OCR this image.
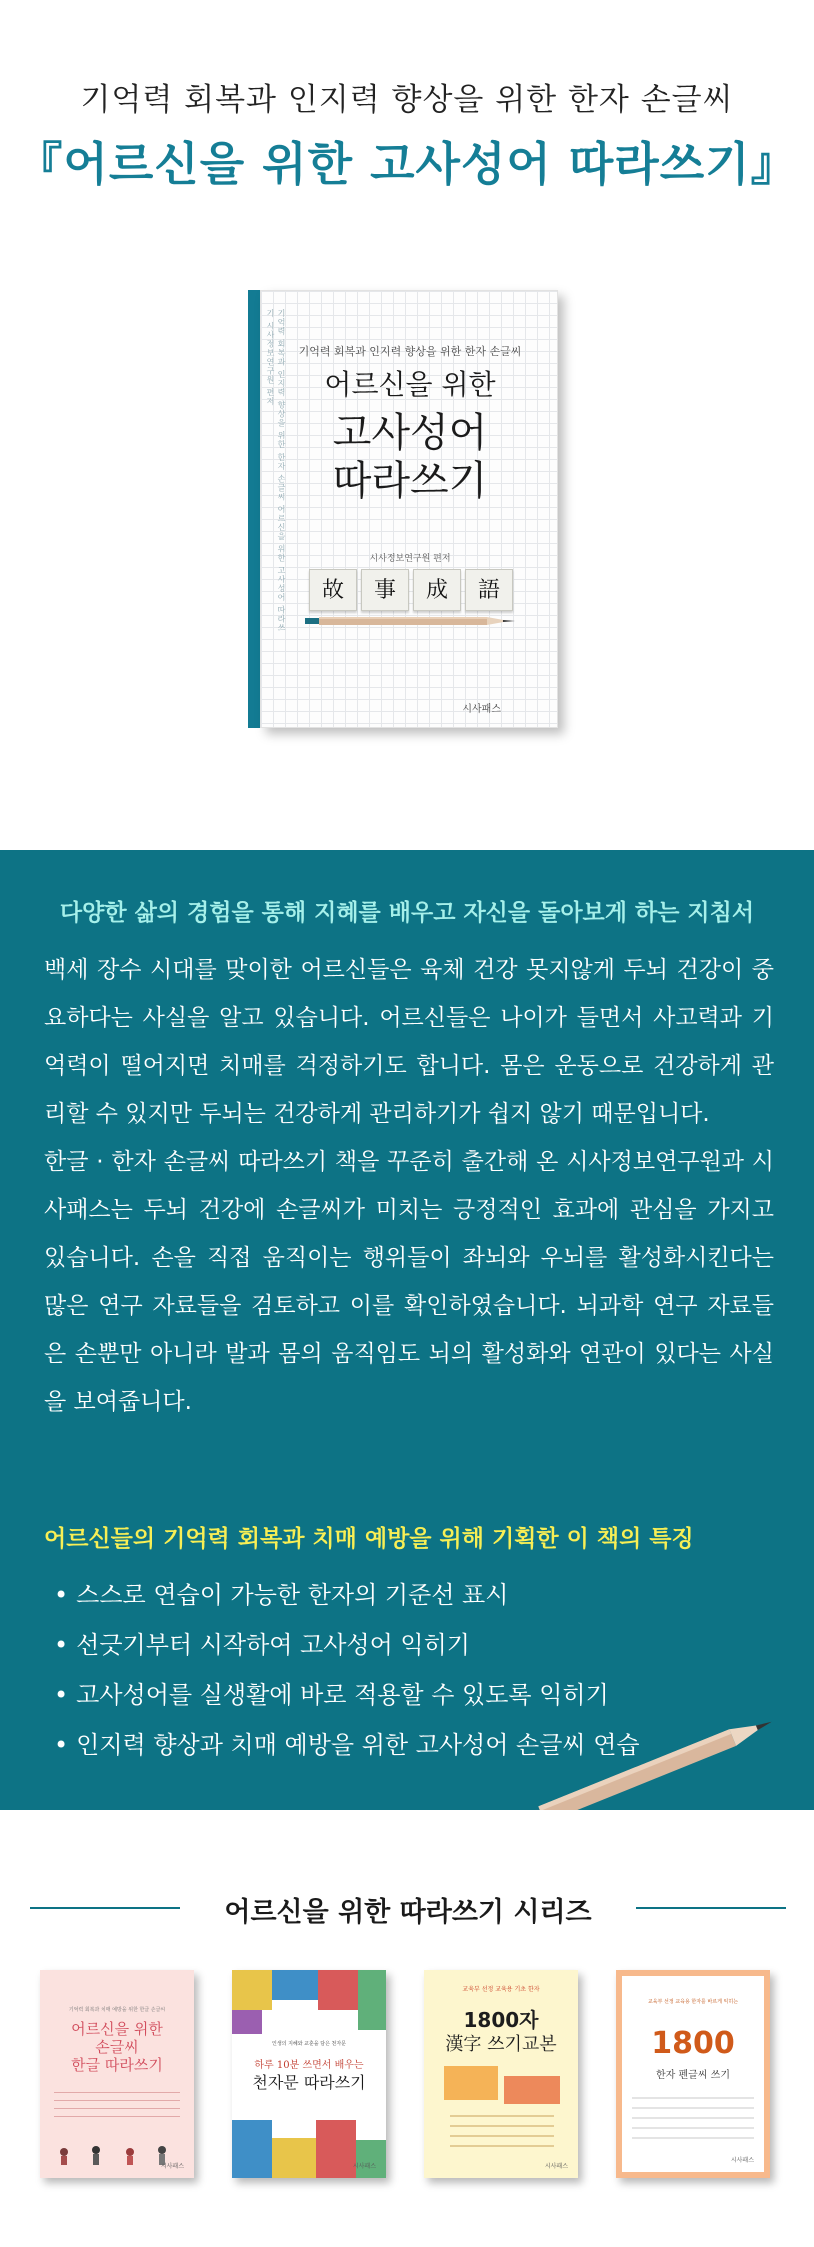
기억력 회복과 인지력 향상을 위한 한자 손글씨
『어르신을 위한 고사성어 따라쓰기』
기억력 회복과 인지력 향상을 위한 한자 손글씨 어르신을 위한 고사성어 따라쓰기 시사정보연구원 편저	기억력 회복과 인지력 향상을 위한 한자 손글씨
어르신을 위한
고사성어
따라쓰기
시사정보연구원 편저
故	事	成	語
시사패스
다양한 삶의 경험을 통해 지혜를 배우고 자신을 돌아보게 하는 지침서

백세 장수 시대를 맞이한 어르신들은 육체 건강 못지않게 두뇌 건강이 중요하다는 사실을 알고 있습니다. 어르신들은 나이가 들면서 사고력과 기억력이 떨어지면 치매를 걱정하기도 합니다. 몸은 운동으로 건강하게 관리할 수 있지만 두뇌는 건강하게 관리하기가 쉽지 않기 때문입니다.

한글 · 한자 손글씨 따라쓰기 책을 꾸준히 출간해 온 시사정보연구원과 시사패스는 두뇌 건강에 손글씨가 미치는 긍정적인 효과에 관심을 가지고 있습니다. 손을 직접 움직이는 행위들이 좌뇌와 우뇌를 활성화시킨다는 많은 연구 자료들을 검토하고 이를 확인하였습니다. 뇌과학 연구 자료들은 손뿐만 아니라 발과 몸의 움직임도 뇌의 활성화와 연관이 있다는 사실을 보여줍니다.

어르신들의 기억력 회복과 치매 예방을 위해 기획한 이 책의 특징
• 스스로 연습이 가능한 한자의 기준선 표시
• 선긋기부터 시작하여 고사성어 익히기
• 고사성어를 실생활에 바로 적용할 수 있도록 익히기
• 인지력 향상과 치매 예방을 위한 고사성어 손글씨 연습
어르신을 위한 따라쓰기 시리즈
기억력 회복과 치매 예방을 위한 한글 손글씨
어르신을 위한
손글씨
한글 따라쓰기
시사패스
인생의 지혜와 교훈을 담은 천자문
하루 10분 쓰면서 배우는
천자문 따라쓰기
시사패스
교육부 선정 교육용 기초 한자
1800자
漢字 쓰기교본
시사패스
교육부 선정 교육용 한자를 바르게 익히는
1800
한자 펜글씨 쓰기
시사패스
